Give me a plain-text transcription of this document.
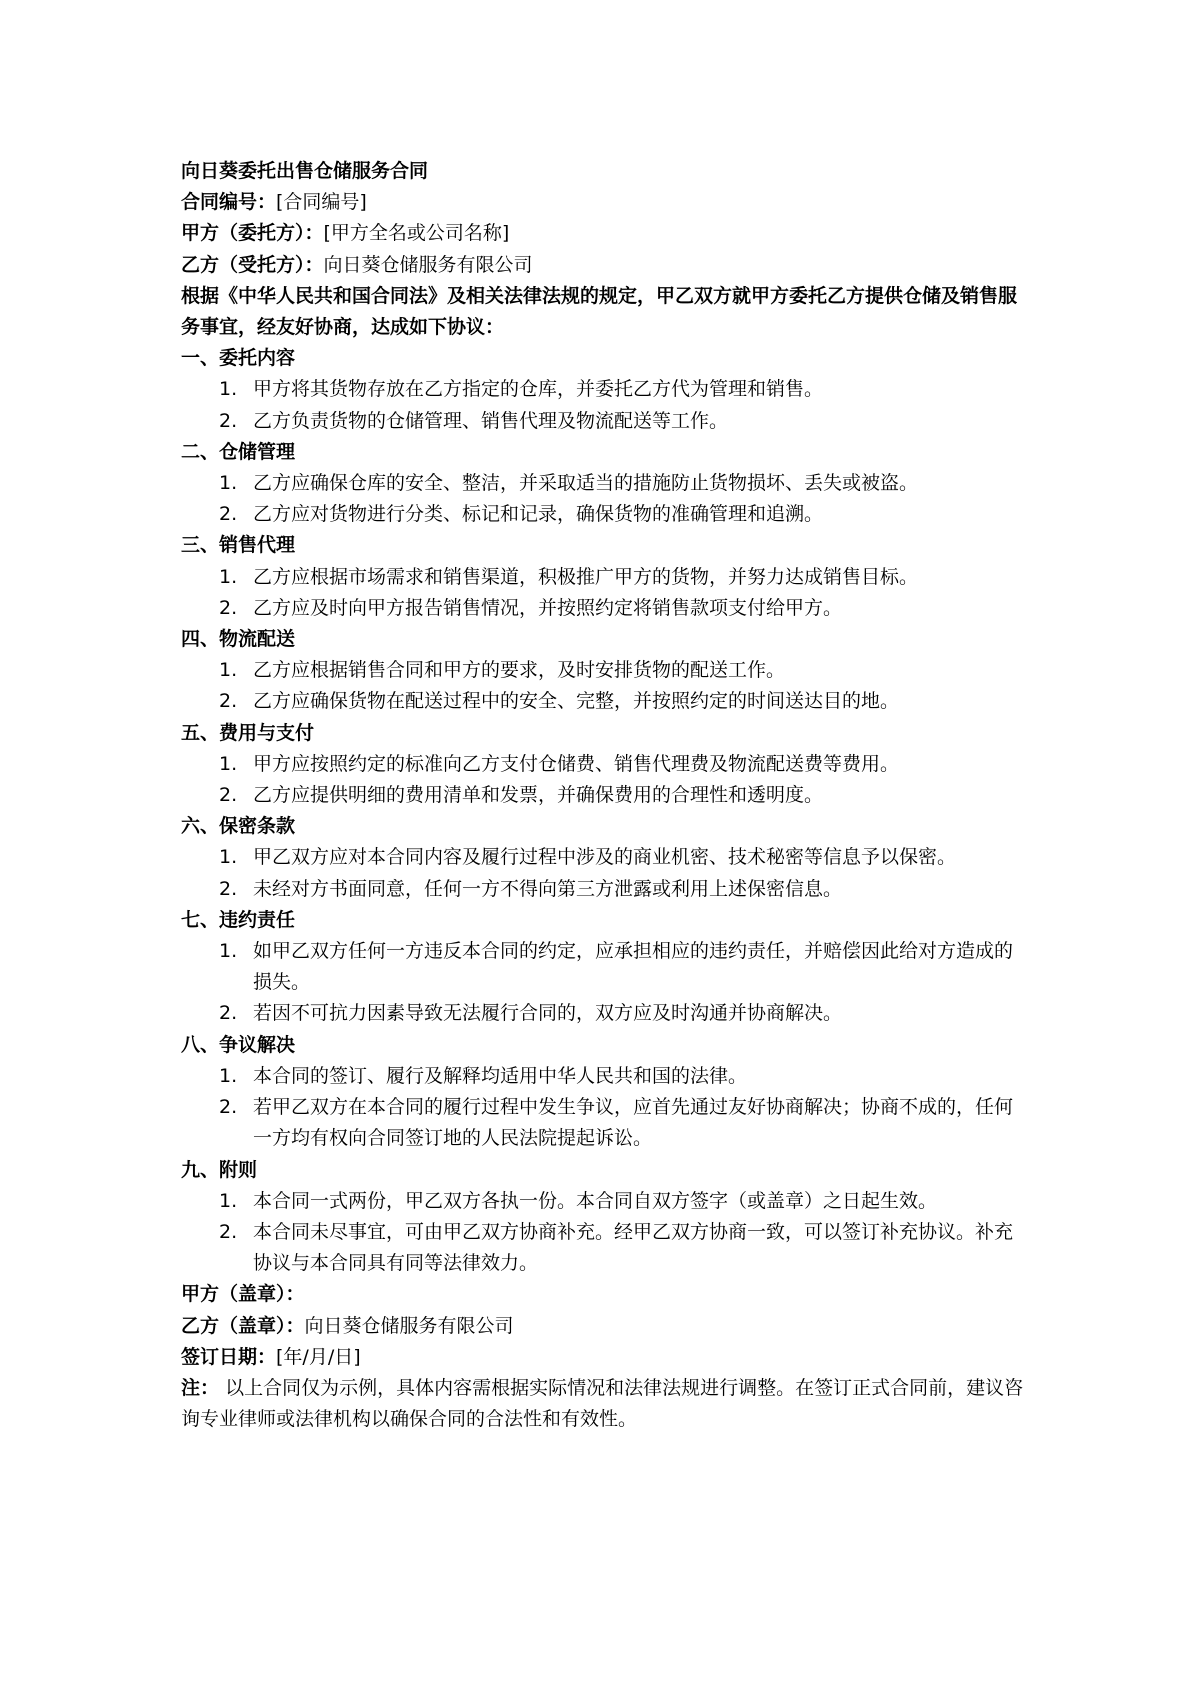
向日葵委托出售仓储服务合同

合同编号：[合同编号]

甲方（委托方）：[甲方全名或公司名称]

乙方（受托方）：向日葵仓储服务有限公司

根据《中华人民共和国合同法》及相关法律法规的规定，甲乙双方就甲方委托乙方提供仓储及销售服务事宜，经友好协商，达成如下协议：

一、委托内容

1. 甲方将其货物存放在乙方指定的仓库，并委托乙方代为管理和销售。
2. 乙方负责货物的仓储管理、销售代理及物流配送等工作。

二、仓储管理

1. 乙方应确保仓库的安全、整洁，并采取适当的措施防止货物损坏、丢失或被盗。
2. 乙方应对货物进行分类、标记和记录，确保货物的准确管理和追溯。

三、销售代理

1. 乙方应根据市场需求和销售渠道，积极推广甲方的货物，并努力达成销售目标。
2. 乙方应及时向甲方报告销售情况，并按照约定将销售款项支付给甲方。

四、物流配送

1. 乙方应根据销售合同和甲方的要求，及时安排货物的配送工作。
2. 乙方应确保货物在配送过程中的安全、完整，并按照约定的时间送达目的地。

五、费用与支付

1. 甲方应按照约定的标准向乙方支付仓储费、销售代理费及物流配送费等费用。
2. 乙方应提供明细的费用清单和发票，并确保费用的合理性和透明度。

六、保密条款

1. 甲乙双方应对本合同内容及履行过程中涉及的商业机密、技术秘密等信息予以保密。
2. 未经对方书面同意，任何一方不得向第三方泄露或利用上述保密信息。

七、违约责任

1. 如甲乙双方任何一方违反本合同的约定，应承担相应的违约责任，并赔偿因此给对方造成的损失。
2. 若因不可抗力因素导致无法履行合同的，双方应及时沟通并协商解决。

八、争议解决

1. 本合同的签订、履行及解释均适用中华人民共和国的法律。
2. 若甲乙双方在本合同的履行过程中发生争议，应首先通过友好协商解决；协商不成的，任何一方均有权向合同签订地的人民法院提起诉讼。

九、附则

1. 本合同一式两份，甲乙双方各执一份。本合同自双方签字（或盖章）之日起生效。
2. 本合同未尽事宜，可由甲乙双方协商补充。经甲乙双方协商一致，可以签订补充协议。补充协议与本合同具有同等法律效力。

甲方（盖章）：

乙方（盖章）：向日葵仓储服务有限公司

签订日期：[年/月/日]

注： 以上合同仅为示例，具体内容需根据实际情况和法律法规进行调整。在签订正式合同前，建议咨询专业律师或法律机构以确保合同的合法性和有效性。
